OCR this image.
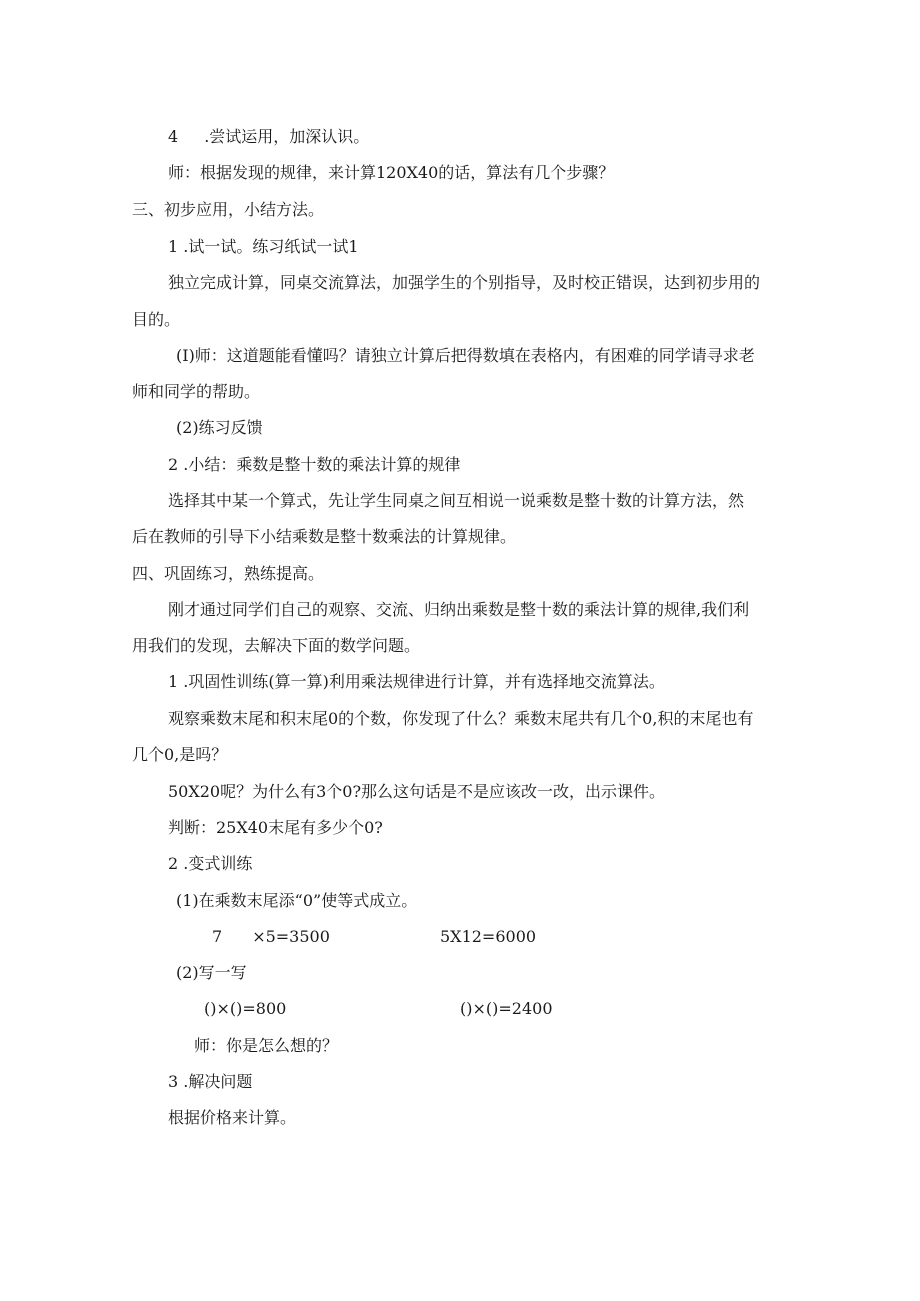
4 .尝试运用，加深认识。
师：根据发现的规律，来计算120X40的话，算法有几个步骤？
三、初步应用，小结方法。
1 .试一试。练习纸试一试1
独立完成计算，同桌交流算法，加强学生的个别指导，及时校正错误，达到初步用的
目的。
(I)师：这道题能看懂吗？请独立计算后把得数填在表格内，有困难的同学请寻求老
师和同学的帮助。
(2)练习反馈
2 .小结：乘数是整十数的乘法计算的规律
选择其中某一个算式，先让学生同桌之间互相说一说乘数是整十数的计算方法，然
后在教师的引导下小结乘数是整十数乘法的计算规律。
四、巩固练习，熟练提高。
刚才通过同学们自己的观察、交流、归纳出乘数是整十数的乘法计算的规律,我们利
用我们的发现，去解决下面的数学问题。
1 .巩固性训练(算一算)利用乘法规律进行计算，并有选择地交流算法。
观察乘数末尾和积末尾0的个数，你发现了什么？乘数末尾共有几个0,积的末尾也有
几个0,是吗？
50X20呢？为什么有3个0?那么这句话是不是应该改一改，出示课件。
判断：25X40末尾有多少个0?
2 .变式训练
(1)在乘数末尾添“0”使等式成立。
7 ×5=3500	5X12=6000
(2)写一写
()×()=800	()×()=2400
师：你是怎么想的？
3 .解决问题
根据价格来计算。
